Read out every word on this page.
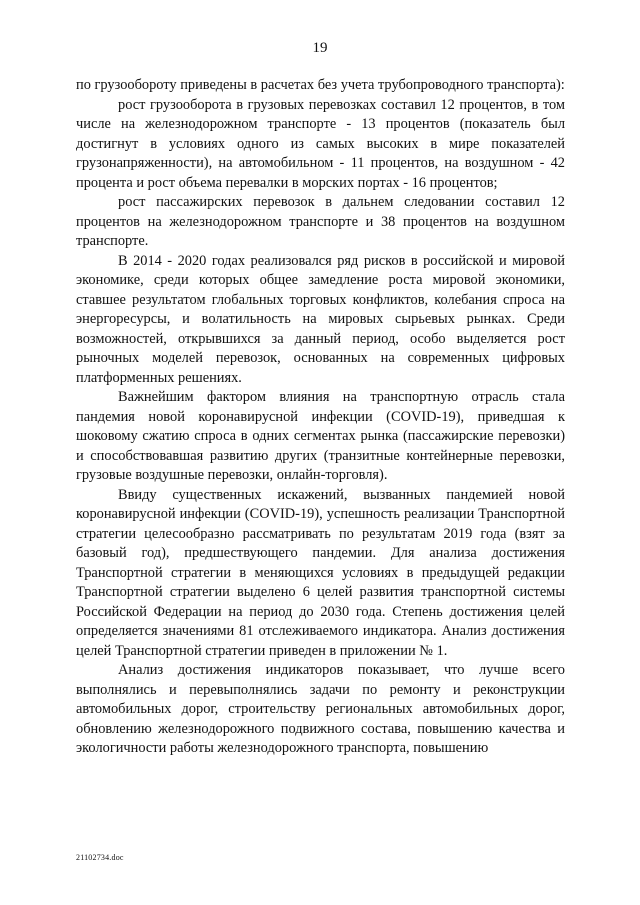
19

по грузообороту приведены в расчетах без учета трубопроводного транспорта):

рост грузооборота в грузовых перевозках составил 12 процентов, в том числе на железнодорожном транспорте - 13 процентов (показатель был достигнут в условиях одного из самых высоких в мире показателей грузонапряженности), на автомобильном - 11 процентов, на воздушном - 42 процента и рост объема перевалки в морских портах - 16 процентов;

рост пассажирских перевозок в дальнем следовании составил 12 процентов на железнодорожном транспорте и 38 процентов на воздушном транспорте.

В 2014 - 2020 годах реализовался ряд рисков в российской и мировой экономике, среди которых общее замедление роста мировой экономики, ставшее результатом глобальных торговых конфликтов, колебания спроса на энергоресурсы, и волатильность на мировых сырьевых рынках. Среди возможностей, открывшихся за данный период, особо выделяется рост рыночных моделей перевозок, основанных на современных цифровых платформенных решениях.

Важнейшим фактором влияния на транспортную отрасль стала пандемия новой коронавирусной инфекции (COVID-19), приведшая к шоковому сжатию спроса в одних сегментах рынка (пассажирские перевозки) и способствовавшая развитию других (транзитные контейнерные перевозки, грузовые воздушные перевозки, онлайн-торговля).

Ввиду существенных искажений, вызванных пандемией новой коронавирусной инфекции (COVID-19), успешность реализации Транспортной стратегии целесообразно рассматривать по результатам 2019 года (взят за базовый год), предшествующего пандемии. Для анализа достижения Транспортной стратегии в меняющихся условиях в предыдущей редакции Транспортной стратегии выделено 6 целей развития транспортной системы Российской Федерации на период до 2030 года. Степень достижения целей определяется значениями 81 отслеживаемого индикатора. Анализ достижения целей Транспортной стратегии приведен в приложении № 1.

Анализ достижения индикаторов показывает, что лучше всего выполнялись и перевыполнялись задачи по ремонту и реконструкции автомобильных дорог, строительству региональных автомобильных дорог, обновлению железнодорожного подвижного состава, повышению качества и экологичности работы железнодорожного транспорта, повышению

21102734.doc
